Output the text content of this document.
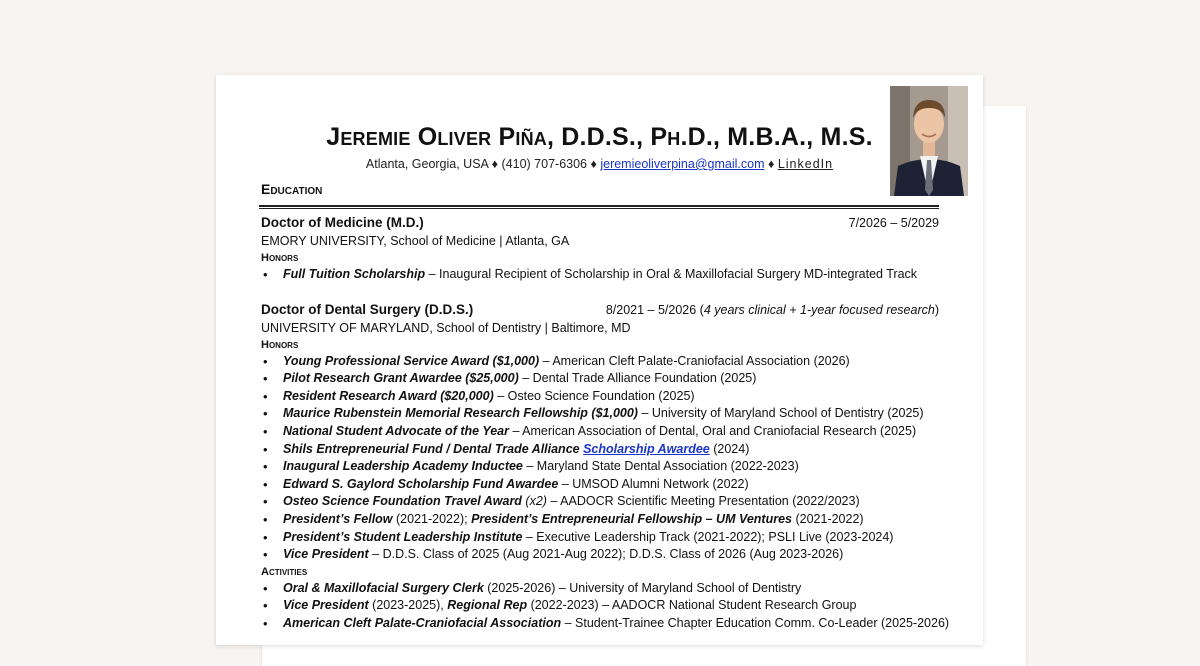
Jeremie Oliver Piña, D.D.S., Ph.D., M.B.A., M.S.
Atlanta, Georgia, USA ♦ (410) 707-6306 ♦ jeremieoliverpina@gmail.com ♦ LinkedIn
Education
Doctor of Medicine (M.D.)	7/2026 – 5/2029
EMORY UNIVERSITY, School of Medicine | Atlanta, GA
Honors
• Full Tuition Scholarship – Inaugural Recipient of Scholarship in Oral & Maxillofacial Surgery MD-integrated Track
Doctor of Dental Surgery (D.D.S.)	8/2021 – 5/2026 (4 years clinical + 1-year focused research)
UNIVERSITY OF MARYLAND, School of Dentistry | Baltimore, MD
Honors
• Young Professional Service Award ($1,000) – American Cleft Palate-Craniofacial Association (2026)
• Pilot Research Grant Awardee ($25,000) – Dental Trade Alliance Foundation (2025)
• Resident Research Award ($20,000) – Osteo Science Foundation (2025)
• Maurice Rubenstein Memorial Research Fellowship ($1,000) – University of Maryland School of Dentistry (2025)
• National Student Advocate of the Year – American Association of Dental, Oral and Craniofacial Research (2025)
• Shils Entrepreneurial Fund / Dental Trade Alliance Scholarship Awardee (2024)
• Inaugural Leadership Academy Inductee – Maryland State Dental Association (2022-2023)
• Edward S. Gaylord Scholarship Fund Awardee – UMSOD Alumni Network (2022)
• Osteo Science Foundation Travel Award (x2) – AADOCR Scientific Meeting Presentation (2022/2023)
• President’s Fellow (2021-2022); President’s Entrepreneurial Fellowship – UM Ventures (2021-2022)
• President’s Student Leadership Institute – Executive Leadership Track (2021-2022); PSLI Live (2023-2024)
• Vice President – D.D.S. Class of 2025 (Aug 2021-Aug 2022); D.D.S. Class of 2026 (Aug 2023-2026)
Activities
• Oral & Maxillofacial Surgery Clerk (2025-2026) – University of Maryland School of Dentistry
• Vice President (2023-2025), Regional Rep (2022-2023) – AADOCR National Student Research Group
• American Cleft Palate-Craniofacial Association – Student-Trainee Chapter Education Comm. Co-Leader (2025-2026)
